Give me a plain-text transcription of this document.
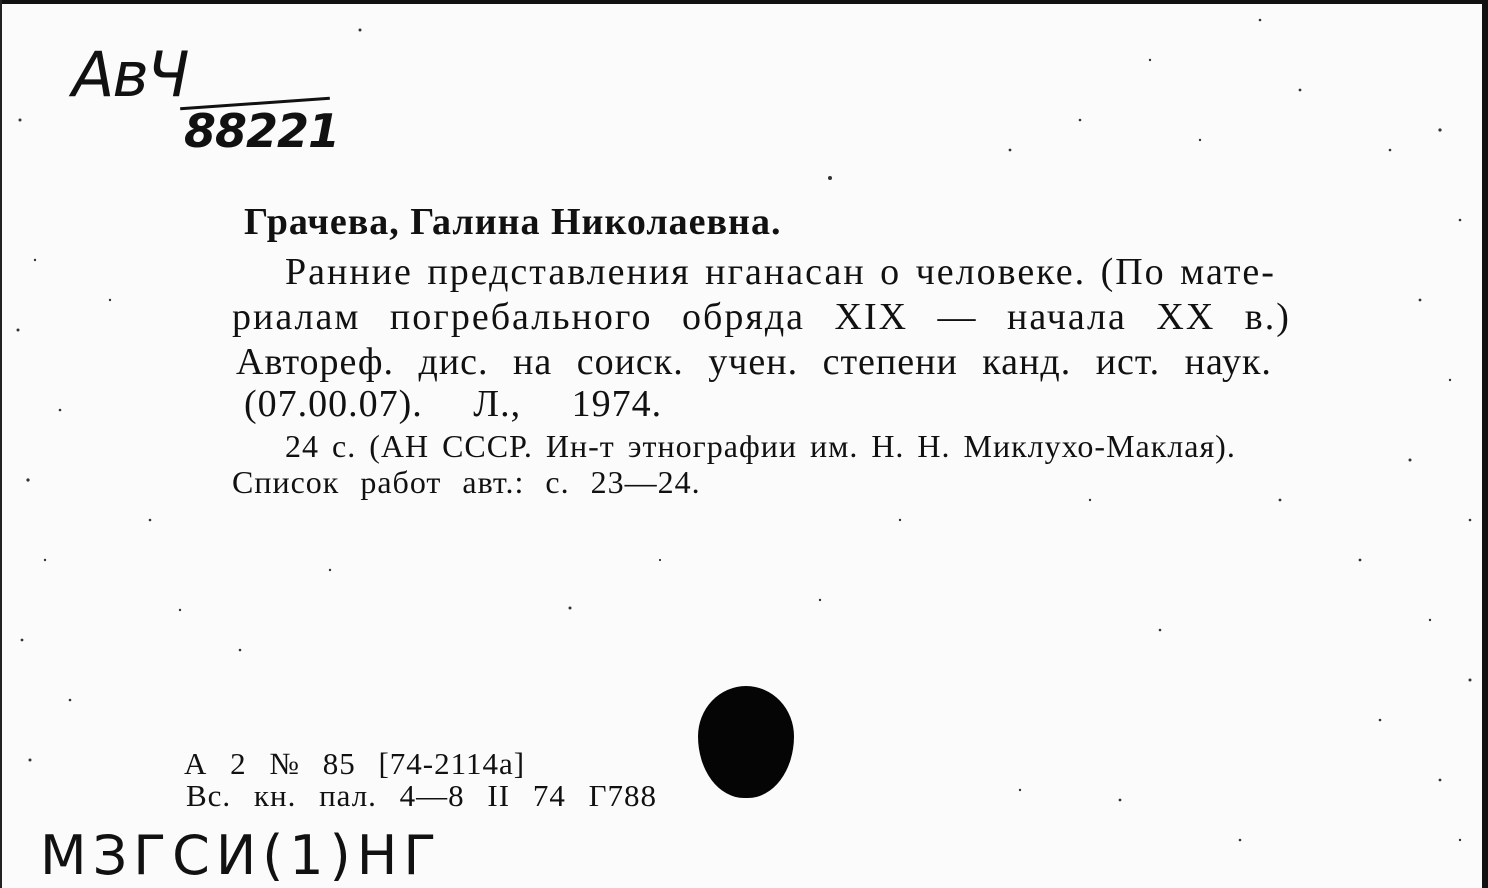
АвЧ
88221
Грачева, Галина Николаевна.
Ранние представления нганасан о человеке. (По мате-
риалам погребального обряда XIX — начала XX в.)
Автореф. дис. на соиск. учен. степени канд. ист. наук.
(07.00.07). Л., 1974.
24 с. (АН СССР. Ин-т этнографии им. Н. Н. Миклухо-Маклая).
Список работ авт.: с. 23—24.
А 2 № 85 [74-2114а]
Вс. кн. пал. 4—8 II 74 Г788
МЗГСИ(1)НГ
